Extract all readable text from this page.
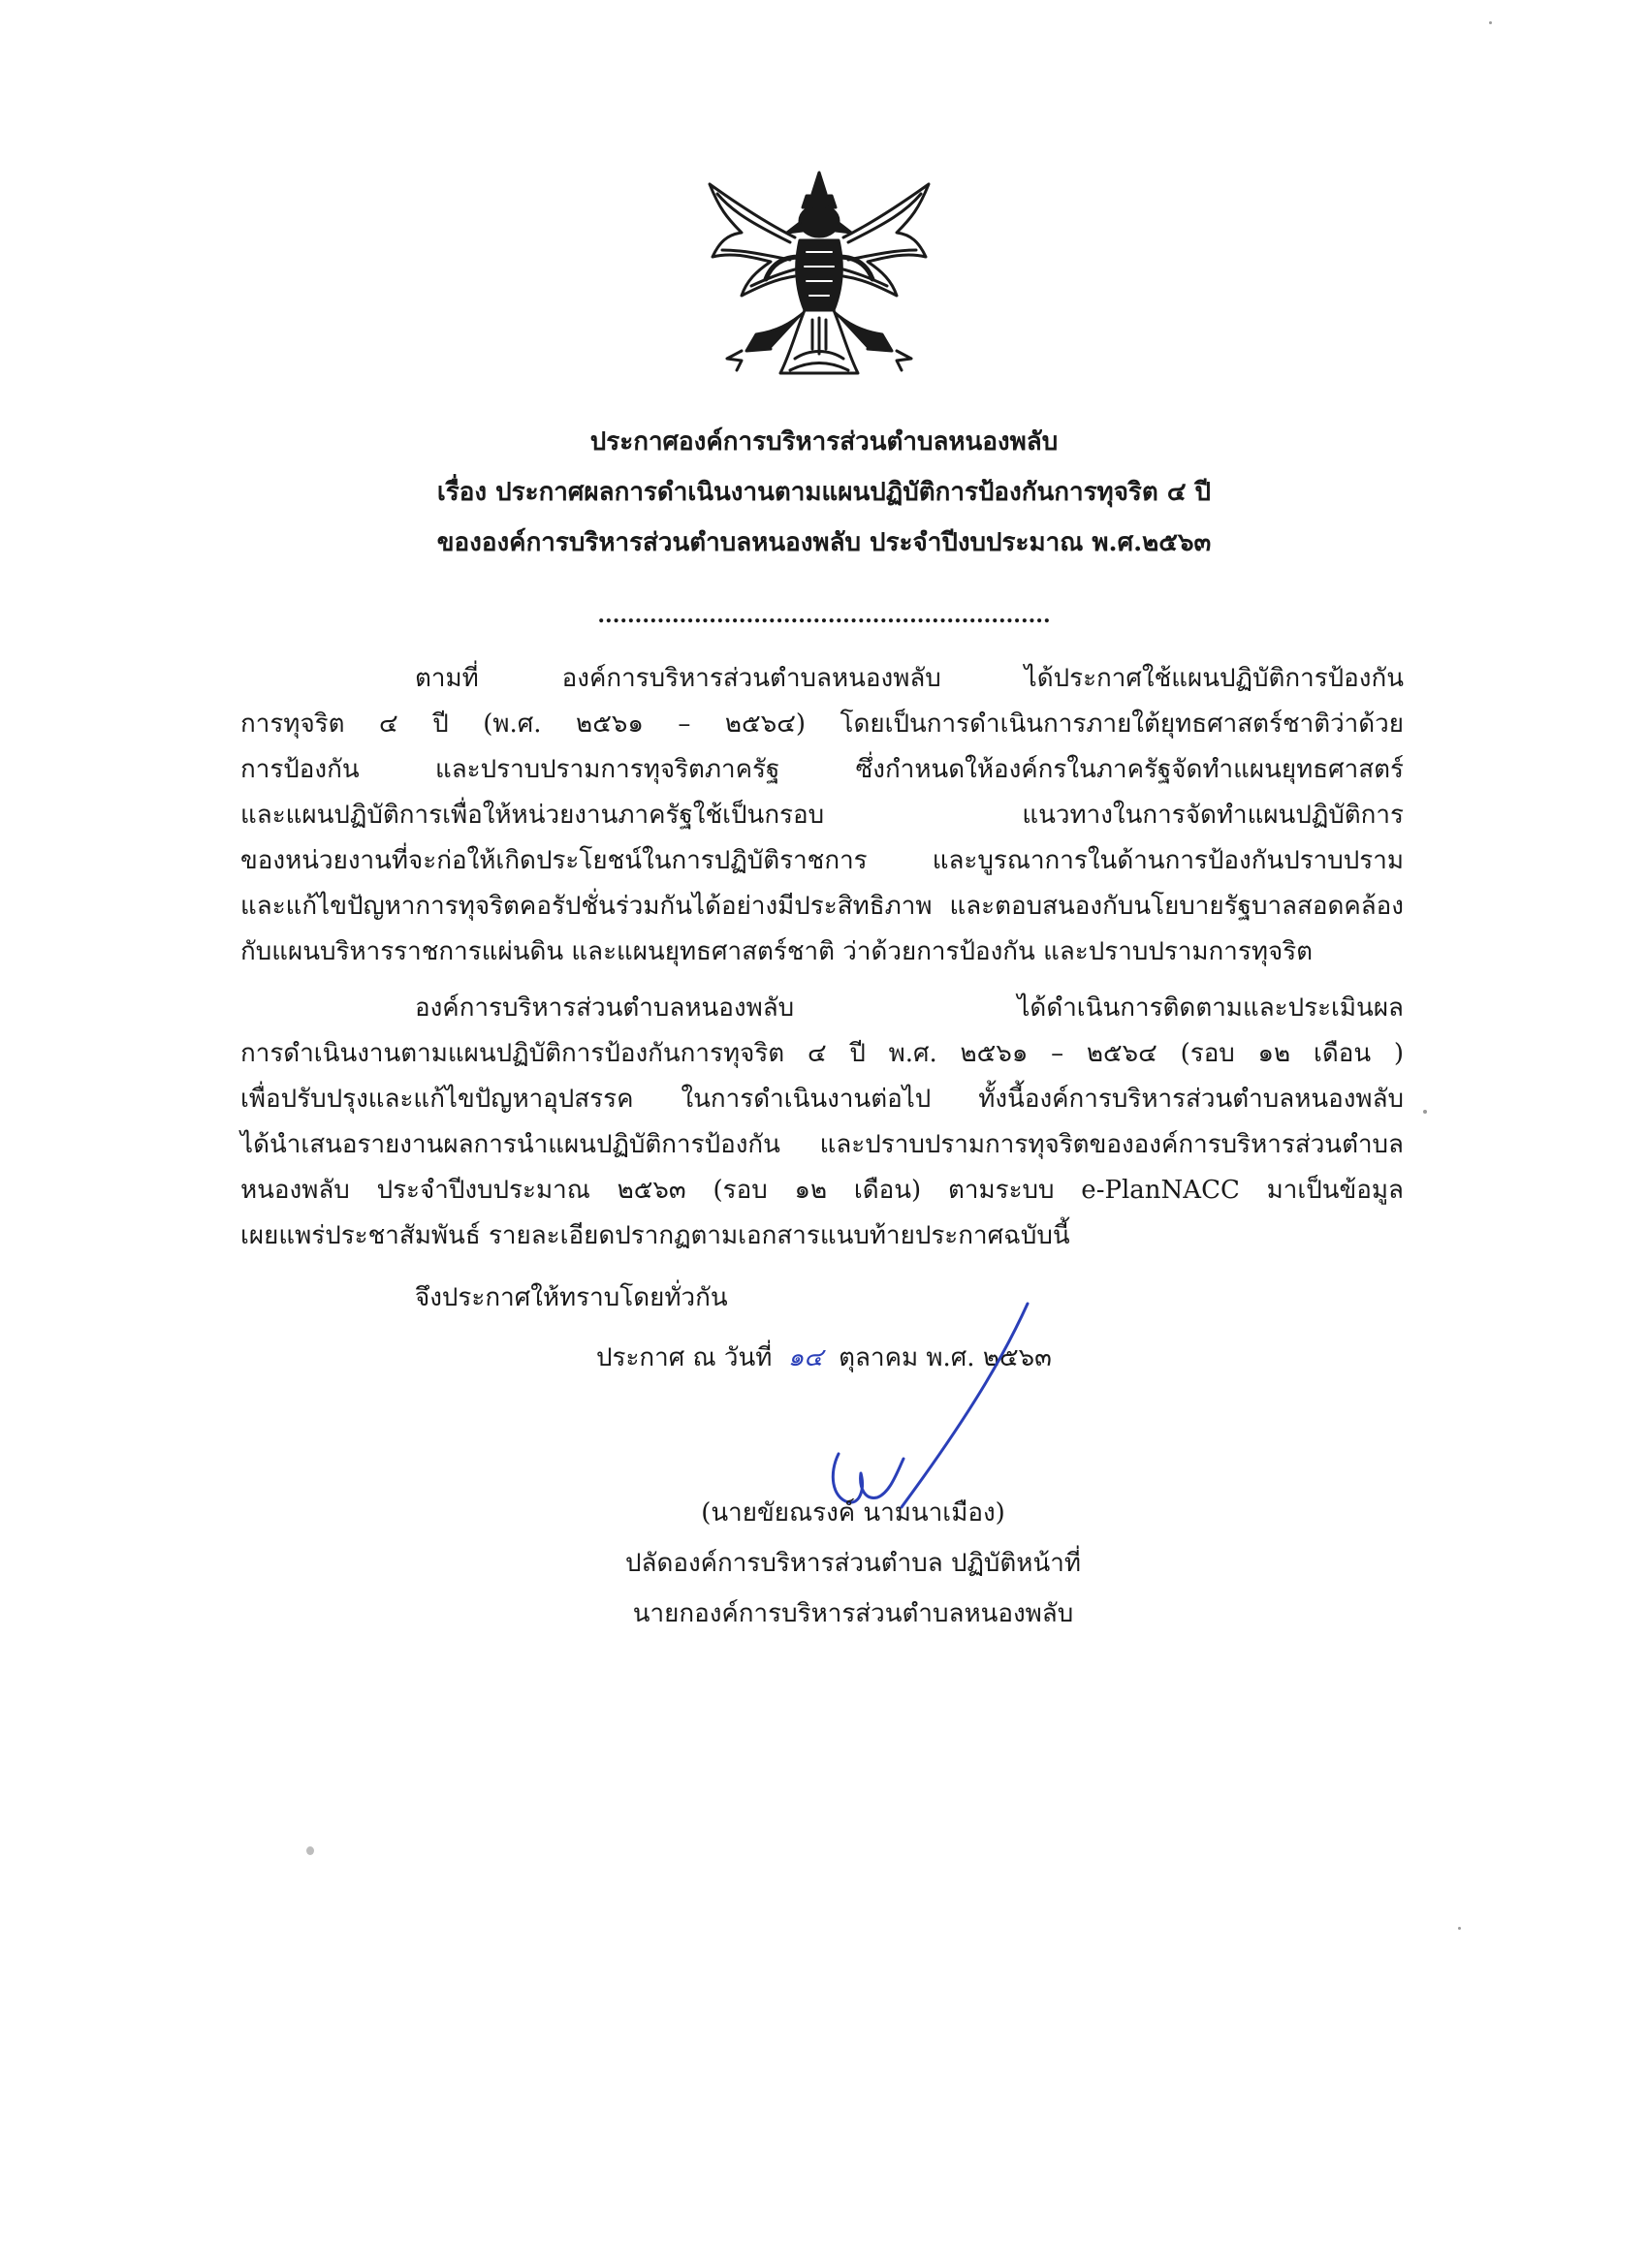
ประกาศองค์การบริหารส่วนตำบลหนองพลับ
เรื่อง ประกาศผลการดำเนินงานตามแผนปฏิบัติการป้องกันการทุจริต ๔ ปี
ขององค์การบริหารส่วนตำบลหนองพลับ ประจำปีงบประมาณ พ.ศ.๒๕๖๓
.............................................................
ตามที่ องค์การบริหารส่วนตำบลหนองพลับ ได้ประกาศใช้แผนปฏิบัติการป้องกัน
การทุจริต ๔ ปี (พ.ศ. ๒๕๖๑ – ๒๕๖๔) โดยเป็นการดำเนินการภายใต้ยุทธศาสตร์ชาติว่าด้วย
การป้องกัน และปราบปรามการทุจริตภาครัฐ ซึ่งกำหนดให้องค์กรในภาครัฐจัดทำแผนยุทธศาสตร์
และแผนปฏิบัติการเพื่อให้หน่วยงานภาครัฐใช้เป็นกรอบ แนวทางในการจัดทำแผนปฏิบัติการ
ของหน่วยงานที่จะก่อให้เกิดประโยชน์ในการปฏิบัติราชการ และบูรณาการในด้านการป้องกันปราบปราม
และแก้ไขปัญหาการทุจริตคอรัปชั่นร่วมกันได้อย่างมีประสิทธิภาพ และตอบสนองกับนโยบายรัฐบาลสอดคล้อง
กับแผนบริหารราชการแผ่นดิน และแผนยุทธศาสตร์ชาติ ว่าด้วยการป้องกัน และปราบปรามการทุจริต
องค์การบริหารส่วนตำบลหนองพลับ ได้ดำเนินการติดตามและประเมินผล
การดำเนินงานตามแผนปฏิบัติการป้องกันการทุจริต ๔ ปี พ.ศ. ๒๕๖๑ – ๒๕๖๔ (รอบ ๑๒ เดือน )
เพื่อปรับปรุงและแก้ไขปัญหาอุปสรรค ในการดำเนินงานต่อไป ทั้งนี้องค์การบริหารส่วนตำบลหนองพลับ
ได้นำเสนอรายงานผลการนำแผนปฏิบัติการป้องกัน และปราบปรามการทุจริตขององค์การบริหารส่วนตำบล
หนองพลับ ประจำปีงบประมาณ ๒๕๖๓ (รอบ ๑๒ เดือน) ตามระบบ e-PlanNACC มาเป็นข้อมูล
เผยแพร่ประชาสัมพันธ์ รายละเอียดปรากฏตามเอกสารแนบท้ายประกาศฉบับนี้
จึงประกาศให้ทราบโดยทั่วกัน
ประกาศ ณ วันที่ ๑๔ ตุลาคม พ.ศ. ๒๕๖๓
(นายขัยณรงค์ นามนาเมือง)
ปลัดองค์การบริหารส่วนตำบล ปฏิบัติหน้าที่
นายกองค์การบริหารส่วนตำบลหนองพลับ
